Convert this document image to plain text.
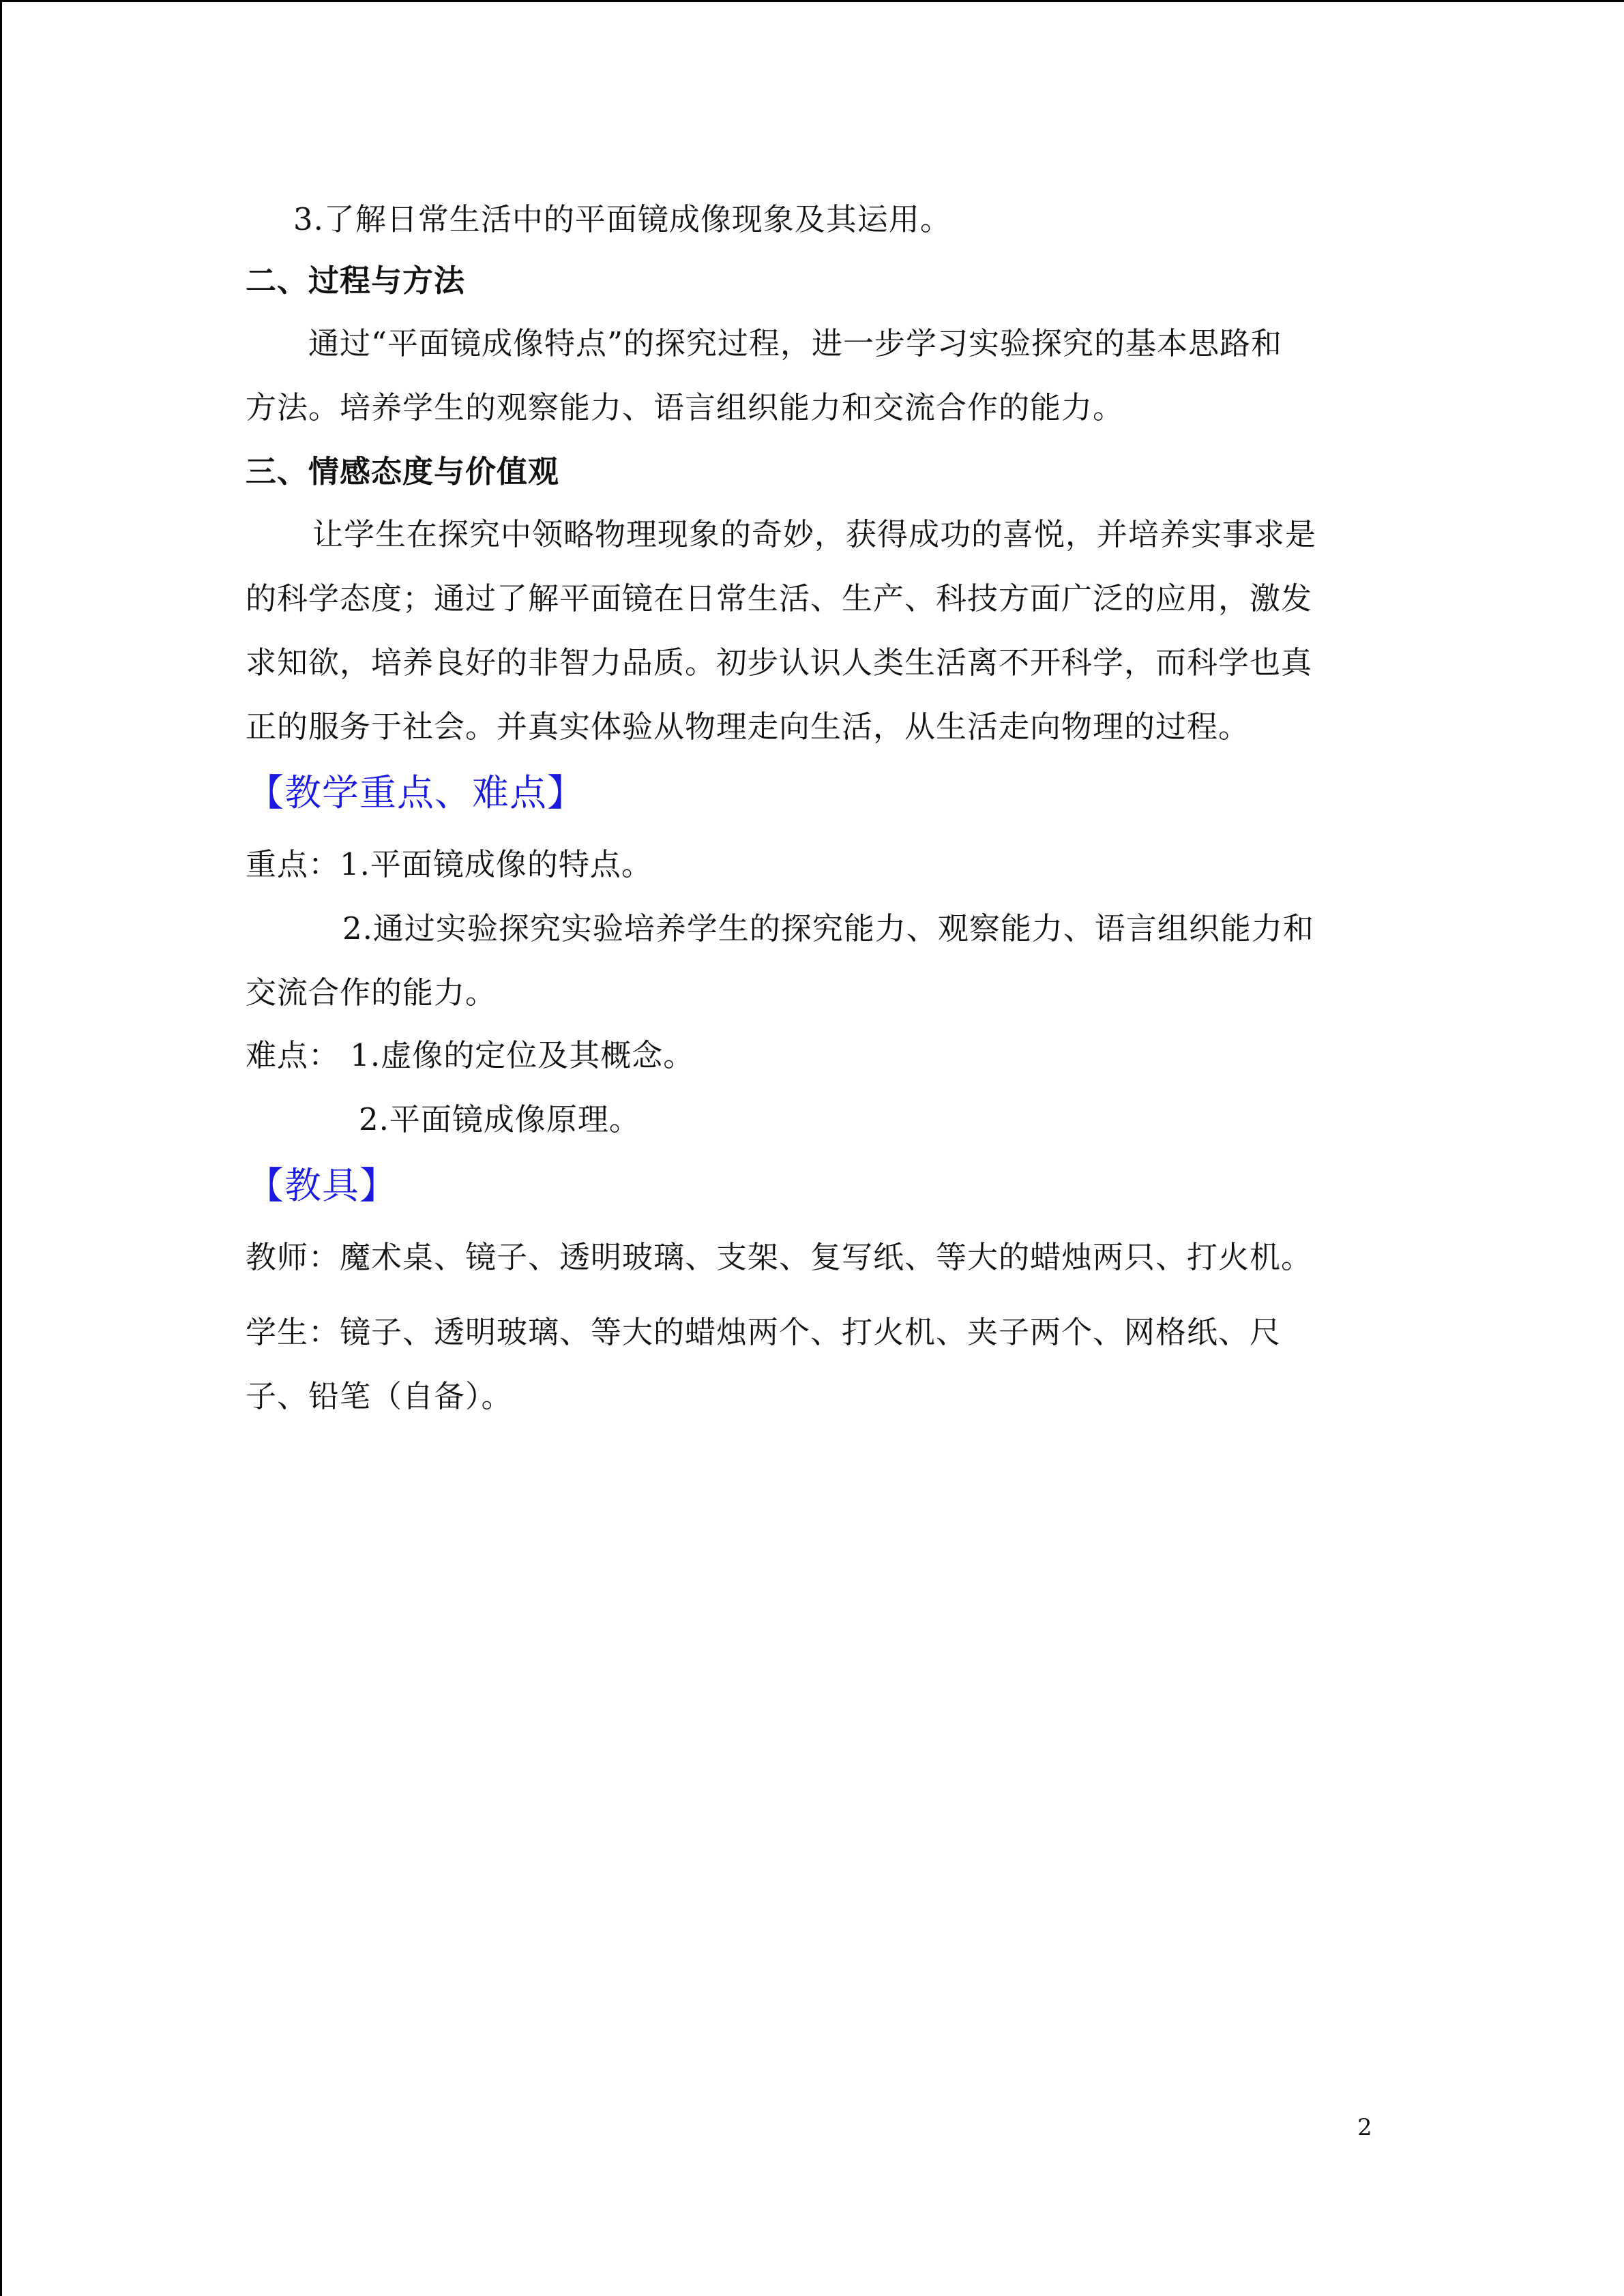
3.了解日常生活中的平面镜成像现象及其运用。
二、过程与方法
通过“平面镜成像特点”的探究过程，进一步学习实验探究的基本思路和
方法。培养学生的观察能力、语言组织能力和交流合作的能力。
三、情感态度与价值观
让学生在探究中领略物理现象的奇妙，获得成功的喜悦，并培养实事求是
的科学态度；通过了解平面镜在日常生活、生产、科技方面广泛的应用，激发
求知欲，培养良好的非智力品质。初步认识人类生活离不开科学，而科学也真
正的服务于社会。并真实体验从物理走向生活，从生活走向物理的过程。
【教学重点、难点】
重点：1.平面镜成像的特点。
2.通过实验探究实验培养学生的探究能力、观察能力、语言组织能力和
交流合作的能力。
难点： 1.虚像的定位及其概念。
2.平面镜成像原理。
【教具】
教师：魔术桌、镜子、透明玻璃、支架、复写纸、等大的蜡烛两只、打火机。
学生：镜子、透明玻璃、等大的蜡烛两个、打火机、夹子两个、网格纸、尺
子、铅笔（自备）。
2
